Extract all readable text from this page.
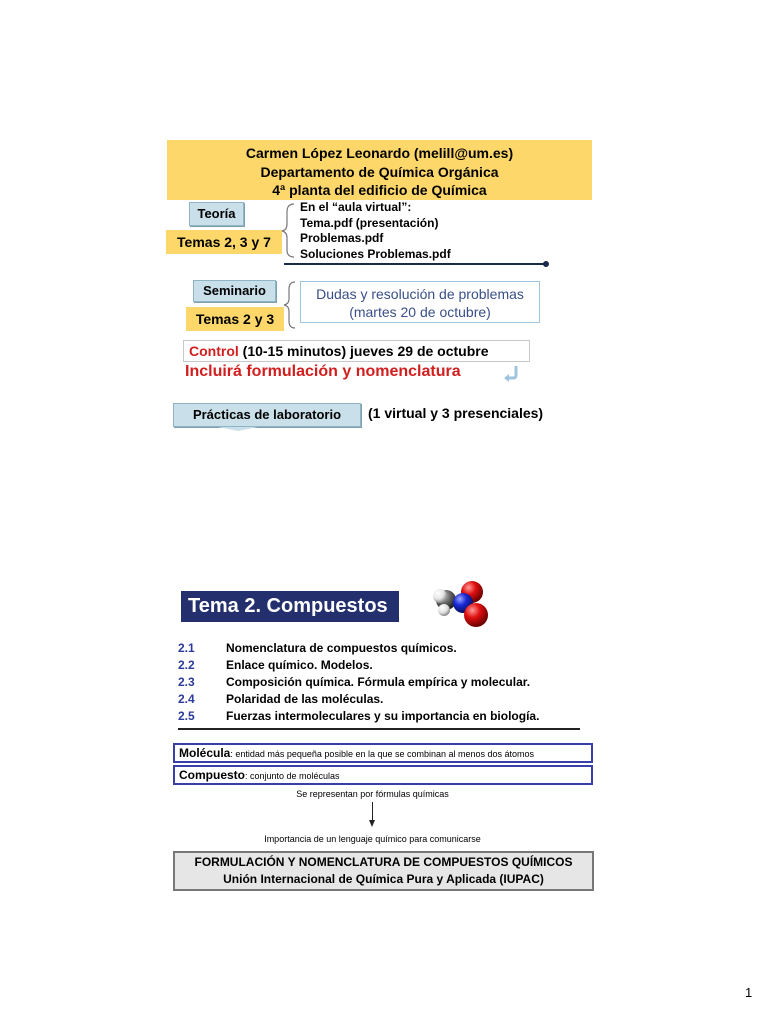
Carmen López Leonardo (melill@um.es)
Departamento de Química Orgánica
4ª planta del edificio de Química
Teoría
Temas 2, 3 y 7
En el “aula virtual”:
Tema.pdf (presentación)
Problemas.pdf
Soluciones Problemas.pdf
Seminario
Temas 2 y 3
Dudas y resolución de problemas
(martes 20 de octubre)
Control (10-15 minutos) jueves 29 de octubre
Incluirá formulación y nomenclatura
Prácticas de laboratorio	(1 virtual y 3 presenciales)
Tema 2. Compuestos
2.1	Nomenclatura de compuestos químicos.
2.2	Enlace químico. Modelos.
2.3	Composición química. Fórmula empírica y molecular.
2.4	Polaridad de las moléculas.
2.5	Fuerzas intermoleculares y su importancia en biología.
Molécula: entidad más pequeña posible en la que se combinan al menos dos átomos
Compuesto: conjunto de moléculas
Se representan por fórmulas químicas
Importancia de un lenguaje químico para comunicarse
FORMULACIÓN Y NOMENCLATURA DE COMPUESTOS QUÍMICOS
Unión Internacional de Química Pura y Aplicada (IUPAC)
1
